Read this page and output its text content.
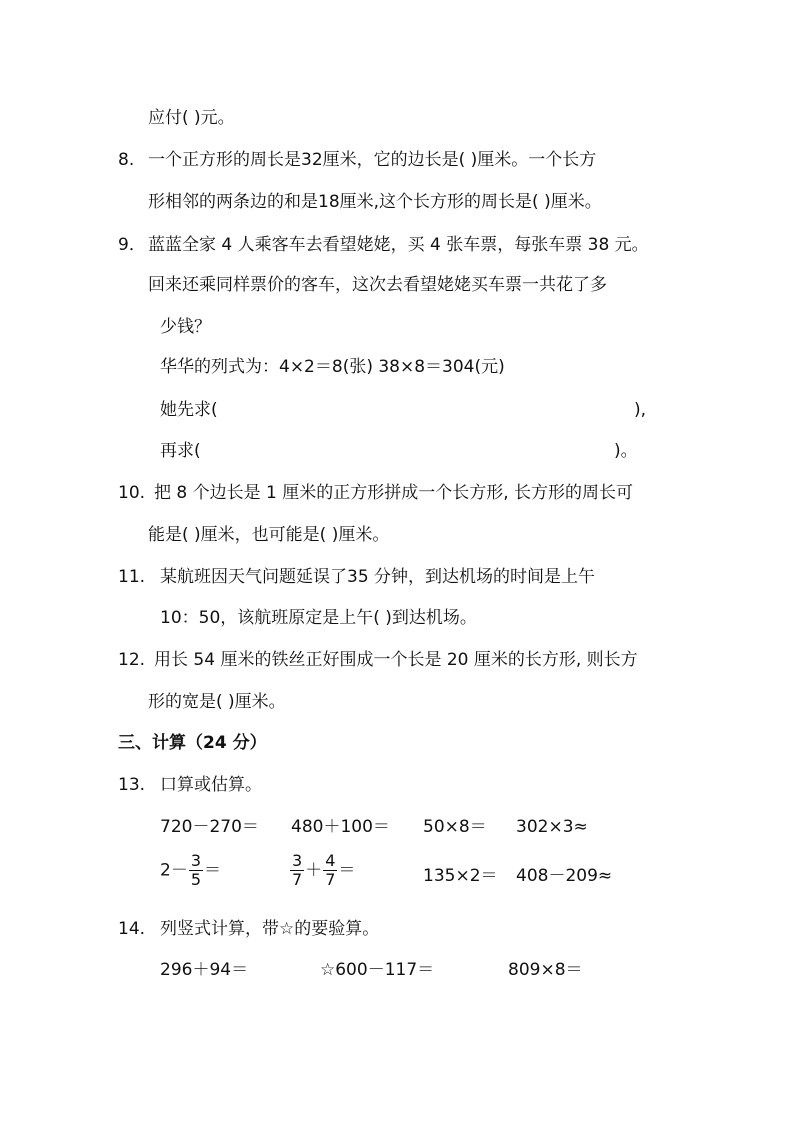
应付( )元。
8. 一个正方形的周长是32厘米，它的边长是( )厘米。一个长方
形相邻的两条边的和是18厘米,这个长方形的周长是( )厘米。
9． 蓝蓝全家 4 人乘客车去看望姥姥，买 4 张车票，每张车票 38 元。
回来还乘同样票价的客车，这次去看望姥姥买车票一共花了多
少钱？
华华的列式为：4×2＝8(张) 38×8＝304(元)
她先求(	),
再求(	)。
10. 把 8 个边长是 1 厘米的正方形拼成一个长方形, 长方形的周长可
能是( )厘米，也可能是( )厘米。
11. 某航班因天气问题延误了35 分钟，到达机场的时间是上午
10：50，该航班原定是上午( )到达机场。
12. 用长 54 厘米的铁丝正好围成一个长是 20 厘米的长方形, 则长方
形的宽是( )厘米。
三、计算（24 分）
13. 口算或估算。
720－270＝ 480＋100＝ 50×8＝ 302×3≈
$2- \frac{3}{5}$ ＝	$\frac{3}{7} + \frac{4}{7}$ ＝	135×2＝ 408－209≈
14. 列竖式计算，带☆的要验算。
296＋94＝	☆600－117＝	809×8＝
